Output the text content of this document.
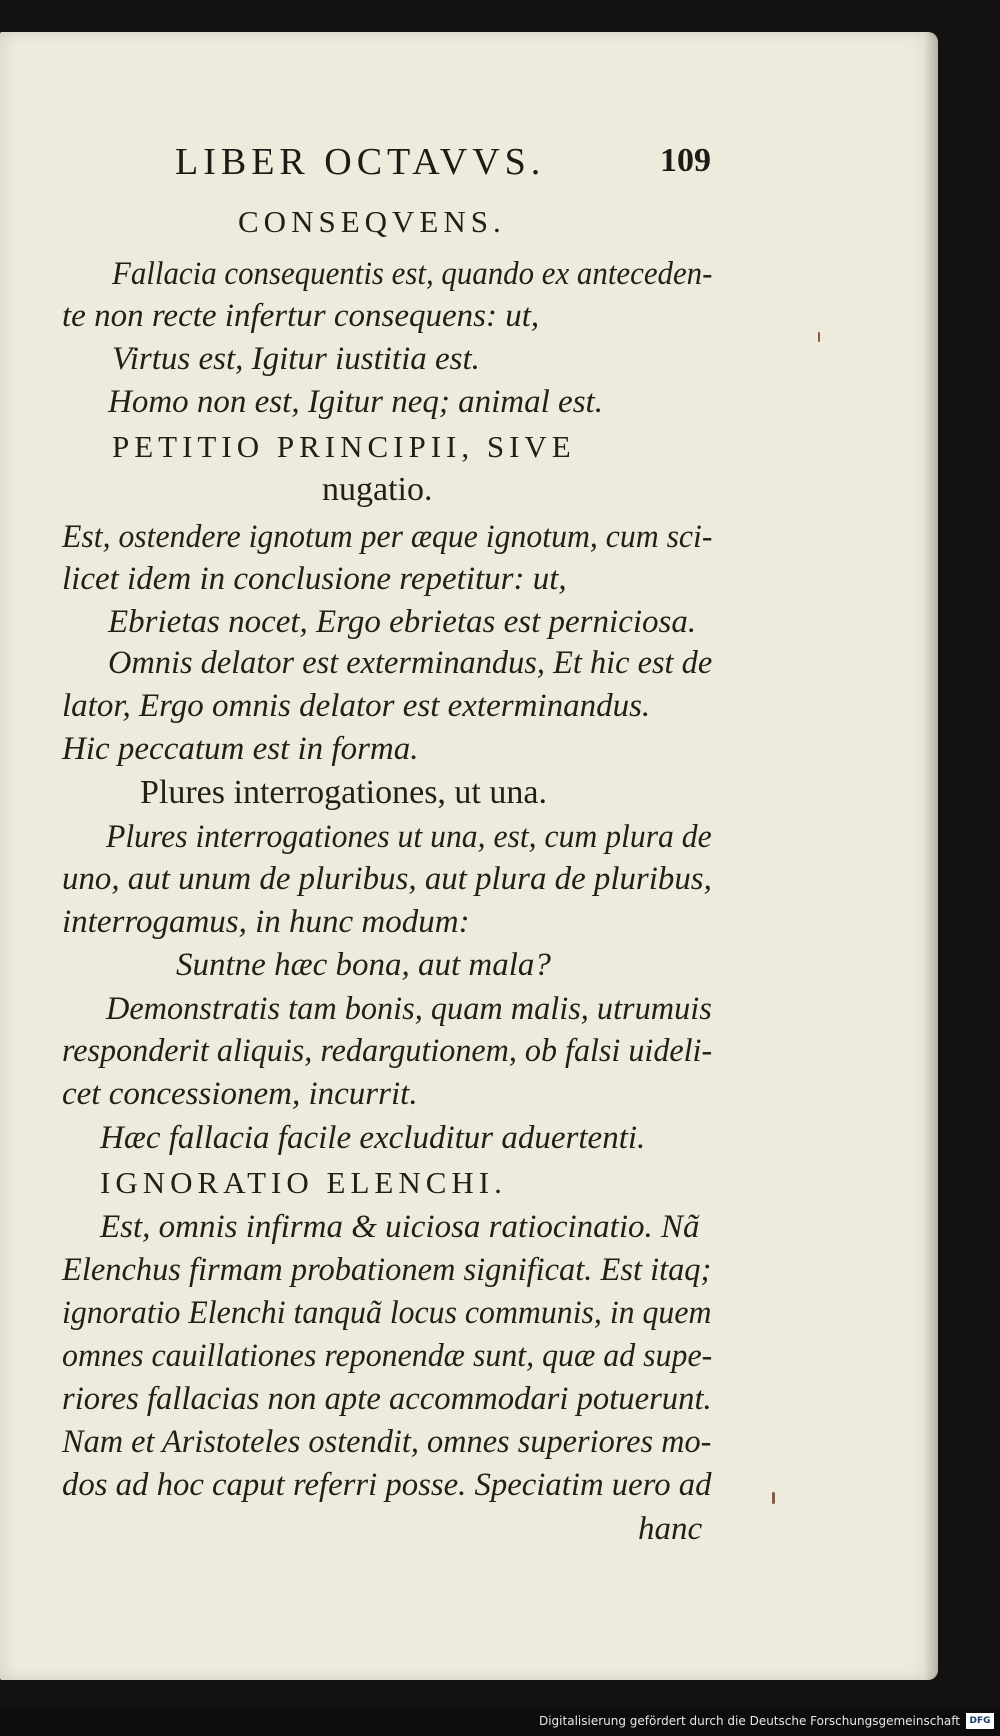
LIBER OCTAVVS.	109
CONSEQVENS.
Fallacia consequentis est, quando ex anteceden-
te non recte infertur consequens: ut,
Virtus est, Igitur iustitia est.
Homo non est, Igitur neq; animal est.
PETITIO PRINCIPII, SIVE
nugatio.
Est, ostendere ignotum per æque ignotum, cum sci-
licet idem in conclusione repetitur: ut,
Ebrietas nocet, Ergo ebrietas est perniciosa.
Omnis delator est exterminandus, Et hic est de
lator, Ergo omnis delator est exterminandus.
Hic peccatum est in forma.
Plures interrogationes, ut una.
Plures interrogationes ut una, est, cum plura de
uno, aut unum de pluribus, aut plura de pluribus,
interrogamus, in hunc modum:
Suntne hæc bona, aut mala?
Demonstratis tam bonis, quam malis, utrumuis
responderit aliquis, redargutionem, ob falsi uideli-
cet concessionem, incurrit.
Hæc fallacia facile excluditur aduertenti.
IGNORATIO ELENCHI.
Est, omnis infirma & uiciosa ratiocinatio. Nã
Elenchus firmam probationem significat. Est itaq;
ignoratio Elenchi tanquã locus communis, in quem
omnes cauillationes reponendæ sunt, quæ ad supe-
riores fallacias non apte accommodari potuerunt.
Nam et Aristoteles ostendit, omnes superiores mo-
dos ad hoc caput referri posse. Speciatim uero ad
hanc
Digitalisierung gefördert durch die Deutsche Forschungsgemeinschaft	DFG
